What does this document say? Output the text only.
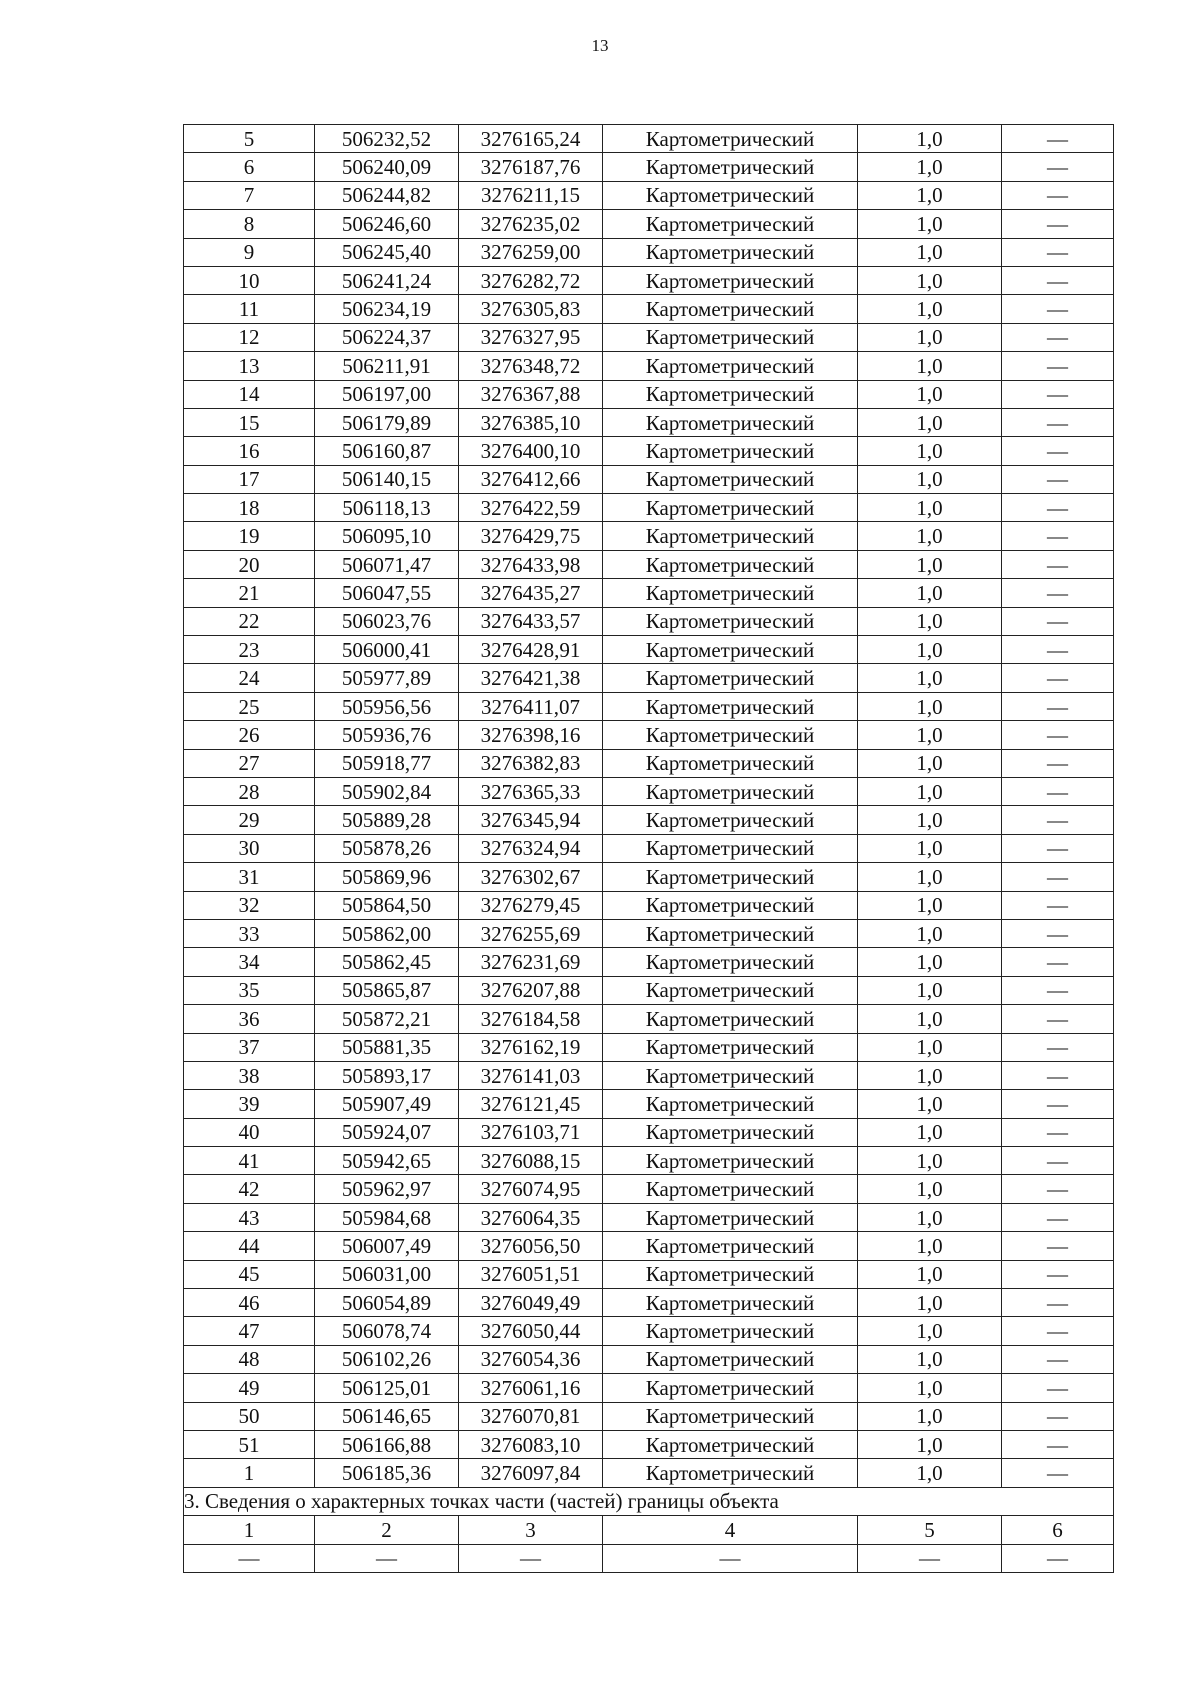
13
5	506232,52	3276165,24	Картометрический	1,0	—
6	506240,09	3276187,76	Картометрический	1,0	—
7	506244,82	3276211,15	Картометрический	1,0	—
8	506246,60	3276235,02	Картометрический	1,0	—
9	506245,40	3276259,00	Картометрический	1,0	—
10	506241,24	3276282,72	Картометрический	1,0	—
11	506234,19	3276305,83	Картометрический	1,0	—
12	506224,37	3276327,95	Картометрический	1,0	—
13	506211,91	3276348,72	Картометрический	1,0	—
14	506197,00	3276367,88	Картометрический	1,0	—
15	506179,89	3276385,10	Картометрический	1,0	—
16	506160,87	3276400,10	Картометрический	1,0	—
17	506140,15	3276412,66	Картометрический	1,0	—
18	506118,13	3276422,59	Картометрический	1,0	—
19	506095,10	3276429,75	Картометрический	1,0	—
20	506071,47	3276433,98	Картометрический	1,0	—
21	506047,55	3276435,27	Картометрический	1,0	—
22	506023,76	3276433,57	Картометрический	1,0	—
23	506000,41	3276428,91	Картометрический	1,0	—
24	505977,89	3276421,38	Картометрический	1,0	—
25	505956,56	3276411,07	Картометрический	1,0	—
26	505936,76	3276398,16	Картометрический	1,0	—
27	505918,77	3276382,83	Картометрический	1,0	—
28	505902,84	3276365,33	Картометрический	1,0	—
29	505889,28	3276345,94	Картометрический	1,0	—
30	505878,26	3276324,94	Картометрический	1,0	—
31	505869,96	3276302,67	Картометрический	1,0	—
32	505864,50	3276279,45	Картометрический	1,0	—
33	505862,00	3276255,69	Картометрический	1,0	—
34	505862,45	3276231,69	Картометрический	1,0	—
35	505865,87	3276207,88	Картометрический	1,0	—
36	505872,21	3276184,58	Картометрический	1,0	—
37	505881,35	3276162,19	Картометрический	1,0	—
38	505893,17	3276141,03	Картометрический	1,0	—
39	505907,49	3276121,45	Картометрический	1,0	—
40	505924,07	3276103,71	Картометрический	1,0	—
41	505942,65	3276088,15	Картометрический	1,0	—
42	505962,97	3276074,95	Картометрический	1,0	—
43	505984,68	3276064,35	Картометрический	1,0	—
44	506007,49	3276056,50	Картометрический	1,0	—
45	506031,00	3276051,51	Картометрический	1,0	—
46	506054,89	3276049,49	Картометрический	1,0	—
47	506078,74	3276050,44	Картометрический	1,0	—
48	506102,26	3276054,36	Картометрический	1,0	—
49	506125,01	3276061,16	Картометрический	1,0	—
50	506146,65	3276070,81	Картометрический	1,0	—
51	506166,88	3276083,10	Картометрический	1,0	—
1	506185,36	3276097,84	Картометрический	1,0	—
3. Сведения о характерных точках части (частей) границы объекта					
1	2	3	4	5	6
—	—	—	—	—	—
